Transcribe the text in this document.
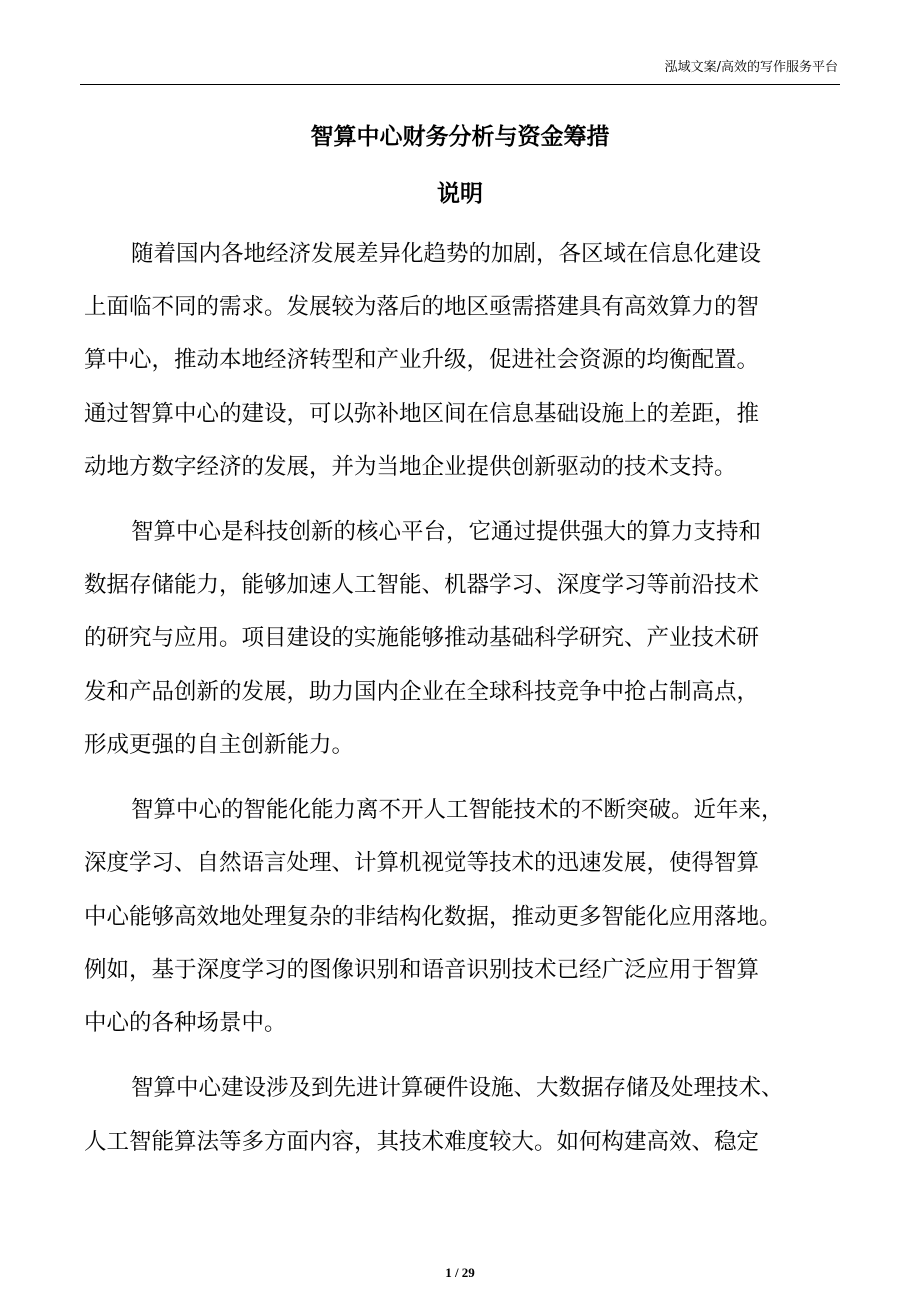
泓域文案/高效的写作服务平台
智算中心财务分析与资金筹措
说明
随着国内各地经济发展差异化趋势的加剧，各区域在信息化建设
上面临不同的需求。发展较为落后的地区亟需搭建具有高效算力的智
算中心，推动本地经济转型和产业升级，促进社会资源的均衡配置。
通过智算中心的建设，可以弥补地区间在信息基础设施上的差距，推
动地方数字经济的发展，并为当地企业提供创新驱动的技术支持。
智算中心是科技创新的核心平台，它通过提供强大的算力支持和
数据存储能力，能够加速人工智能、机器学习、深度学习等前沿技术
的研究与应用。项目建设的实施能够推动基础科学研究、产业技术研
发和产品创新的发展，助力国内企业在全球科技竞争中抢占制高点，
形成更强的自主创新能力。
智算中心的智能化能力离不开人工智能技术的不断突破。近年来，
深度学习、自然语言处理、计算机视觉等技术的迅速发展，使得智算
中心能够高效地处理复杂的非结构化数据，推动更多智能化应用落地。
例如，基于深度学习的图像识别和语音识别技术已经广泛应用于智算
中心的各种场景中。
智算中心建设涉及到先进计算硬件设施、大数据存储及处理技术、
人工智能算法等多方面内容，其技术难度较大。如何构建高效、稳定
1 / 29
